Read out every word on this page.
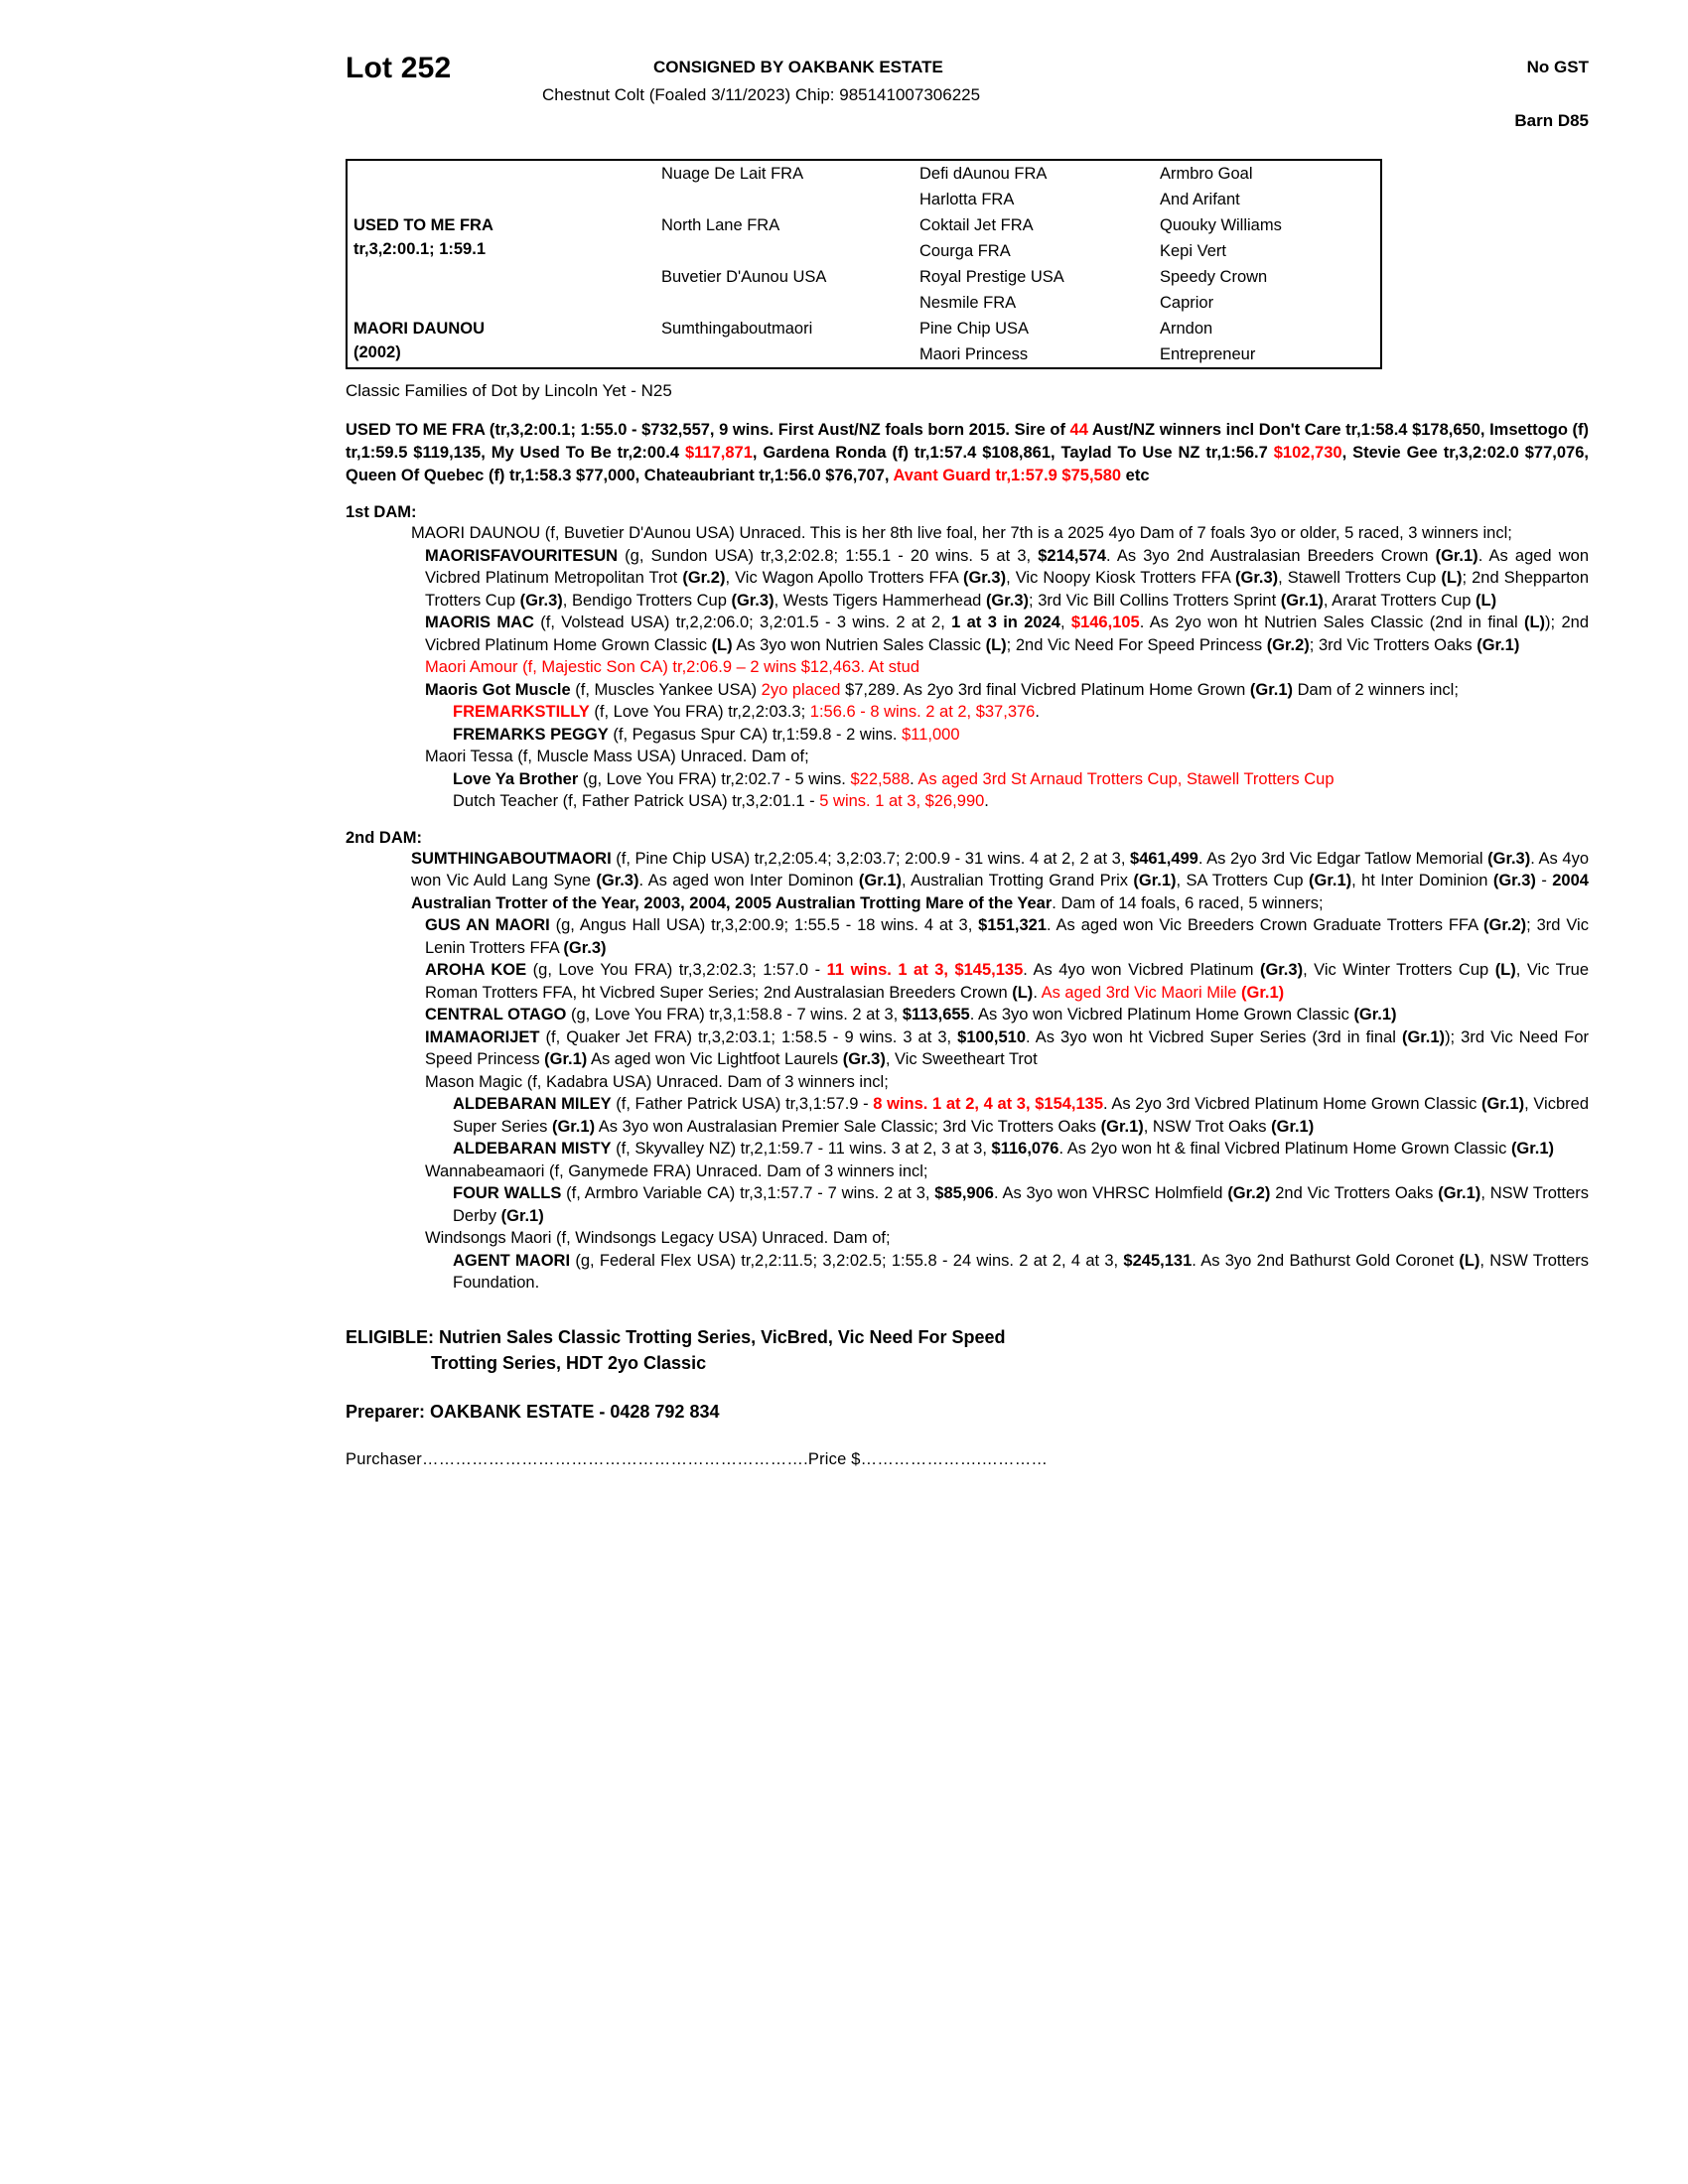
Lot 252	CONSIGNED BY OAKBANK ESTATE	No GST
Chestnut Colt (Foaled 3/11/2023) Chip: 985141007306225
Barn D85
	Nuage De Lait FRA	Defi dAunou FRA	Armbro Goal
		Harlotta FRA	And Arifant

USED TO ME FRA
tr,3,2:00.1; 1:59.1	North Lane FRA	Coktail Jet FRA	Quouky Williams
		Courga FRA	Kepi Vert
	Buvetier D'Aunou USA	Royal Prestige USA	Speedy Crown
		Nesmile FRA	Caprior

MAORI DAUNOU
(2002)	Sumthingaboutmaori	Pine Chip USA	Arndon
		Maori Princess	Entrepreneur
Classic Families of Dot by Lincoln Yet - N25
USED TO ME FRA (tr,3,2:00.1; 1:55.0 - $732,557, 9 wins. First Aust/NZ foals born 2015. Sire of 44 Aust/NZ winners incl Don't Care tr,1:58.4 $178,650, Imsettogo (f) tr,1:59.5 $119,135, My Used To Be tr,2:00.4 $117,871, Gardena Ronda (f) tr,1:57.4 $108,861, Taylad To Use NZ tr,1:56.7 $102,730, Stevie Gee tr,3,2:02.0 $77,076, Queen Of Quebec (f) tr,1:58.3 $77,000, Chateaubriant tr,1:56.0 $76,707, Avant Guard tr,1:57.9 $75,580 etc
1st DAM:
MAORI DAUNOU (f, Buvetier D'Aunou USA) Unraced. This is her 8th live foal, her 7th is a 2025 4yo Dam of 7 foals 3yo or older, 5 raced, 3 winners incl;
MAORISFAVOURITESUN (g, Sundon USA) tr,3,2:02.8; 1:55.1 - 20 wins. 5 at 3, $214,574. As 3yo 2nd Australasian Breeders Crown (Gr.1). As aged won Vicbred Platinum Metropolitan Trot (Gr.2), Vic Wagon Apollo Trotters FFA (Gr.3), Vic Noopy Kiosk Trotters FFA (Gr.3), Stawell Trotters Cup (L); 2nd Shepparton Trotters Cup (Gr.3), Bendigo Trotters Cup (Gr.3), Wests Tigers Hammerhead (Gr.3); 3rd Vic Bill Collins Trotters Sprint (Gr.1), Ararat Trotters Cup (L)
MAORIS MAC (f, Volstead USA) tr,2,2:06.0; 3,2:01.5 - 3 wins. 2 at 2, 1 at 3 in 2024, $146,105. As 2yo won ht Nutrien Sales Classic (2nd in final (L)); 2nd Vicbred Platinum Home Grown Classic (L) As 3yo won Nutrien Sales Classic (L); 2nd Vic Need For Speed Princess (Gr.2); 3rd Vic Trotters Oaks (Gr.1)
Maori Amour (f, Majestic Son CA) tr,2:06.9 – 2 wins $12,463. At stud
Maoris Got Muscle (f, Muscles Yankee USA) 2yo placed $7,289. As 2yo 3rd final Vicbred Platinum Home Grown (Gr.1) Dam of 2 winners incl;
FREMARKSTILLY (f, Love You FRA) tr,2,2:03.3; 1:56.6 - 8 wins. 2 at 2, $37,376.
FREMARKS PEGGY (f, Pegasus Spur CA) tr,1:59.8 - 2 wins. $11,000
Maori Tessa (f, Muscle Mass USA) Unraced. Dam of;
Love Ya Brother (g, Love You FRA) tr,2:02.7 - 5 wins. $22,588. As aged 3rd St Arnaud Trotters Cup, Stawell Trotters Cup
Dutch Teacher (f, Father Patrick USA) tr,3,2:01.1 - 5 wins. 1 at 3, $26,990.
2nd DAM:
SUMTHINGABOUTMAORI (f, Pine Chip USA) tr,2,2:05.4; 3,2:03.7; 2:00.9 - 31 wins. 4 at 2, 2 at 3, $461,499. As 2yo 3rd Vic Edgar Tatlow Memorial (Gr.3). As 4yo won Vic Auld Lang Syne (Gr.3). As aged won Inter Dominon (Gr.1), Australian Trotting Grand Prix (Gr.1), SA Trotters Cup (Gr.1), ht Inter Dominion (Gr.3) - 2004 Australian Trotter of the Year, 2003, 2004, 2005 Australian Trotting Mare of the Year. Dam of 14 foals, 6 raced, 5 winners;
GUS AN MAORI (g, Angus Hall USA) tr,3,2:00.9; 1:55.5 - 18 wins. 4 at 3, $151,321. As aged won Vic Breeders Crown Graduate Trotters FFA (Gr.2); 3rd Vic Lenin Trotters FFA (Gr.3)
AROHA KOE (g, Love You FRA) tr,3,2:02.3; 1:57.0 - 11 wins. 1 at 3, $145,135. As 4yo won Vicbred Platinum (Gr.3), Vic Winter Trotters Cup (L), Vic True Roman Trotters FFA, ht Vicbred Super Series; 2nd Australasian Breeders Crown (L). As aged 3rd Vic Maori Mile (Gr.1)
CENTRAL OTAGO (g, Love You FRA) tr,3,1:58.8 - 7 wins. 2 at 3, $113,655. As 3yo won Vicbred Platinum Home Grown Classic (Gr.1)
IMAMAORIJET (f, Quaker Jet FRA) tr,3,2:03.1; 1:58.5 - 9 wins. 3 at 3, $100,510. As 3yo won ht Vicbred Super Series (3rd in final (Gr.1)); 3rd Vic Need For Speed Princess (Gr.1) As aged won Vic Lightfoot Laurels (Gr.3), Vic Sweetheart Trot
Mason Magic (f, Kadabra USA) Unraced. Dam of 3 winners incl;
ALDEBARAN MILEY (f, Father Patrick USA) tr,3,1:57.9 - 8 wins. 1 at 2, 4 at 3, $154,135. As 2yo 3rd Vicbred Platinum Home Grown Classic (Gr.1), Vicbred Super Series (Gr.1) As 3yo won Australasian Premier Sale Classic; 3rd Vic Trotters Oaks (Gr.1), NSW Trot Oaks (Gr.1)
ALDEBARAN MISTY (f, Skyvalley NZ) tr,2,1:59.7 - 11 wins. 3 at 2, 3 at 3, $116,076. As 2yo won ht & final Vicbred Platinum Home Grown Classic (Gr.1)
Wannabeamaori (f, Ganymede FRA) Unraced. Dam of 3 winners incl;
FOUR WALLS (f, Armbro Variable CA) tr,3,1:57.7 - 7 wins. 2 at 3, $85,906. As 3yo won VHRSC Holmfield (Gr.2) 2nd Vic Trotters Oaks (Gr.1), NSW Trotters Derby (Gr.1)
Windsongs Maori (f, Windsongs Legacy USA) Unraced. Dam of;
AGENT MAORI (g, Federal Flex USA) tr,2,2:11.5; 3,2:02.5; 1:55.8 - 24 wins. 2 at 2, 4 at 3, $245,131. As 3yo 2nd Bathurst Gold Coronet (L), NSW Trotters Foundation.
ELIGIBLE: Nutrien Sales Classic Trotting Series, VicBred, Vic Need For Speed
Trotting Series, HDT 2yo Classic
Preparer: OAKBANK ESTATE - 0428 792 834
Purchaser…………………………………………………………….Price $………………….…………
